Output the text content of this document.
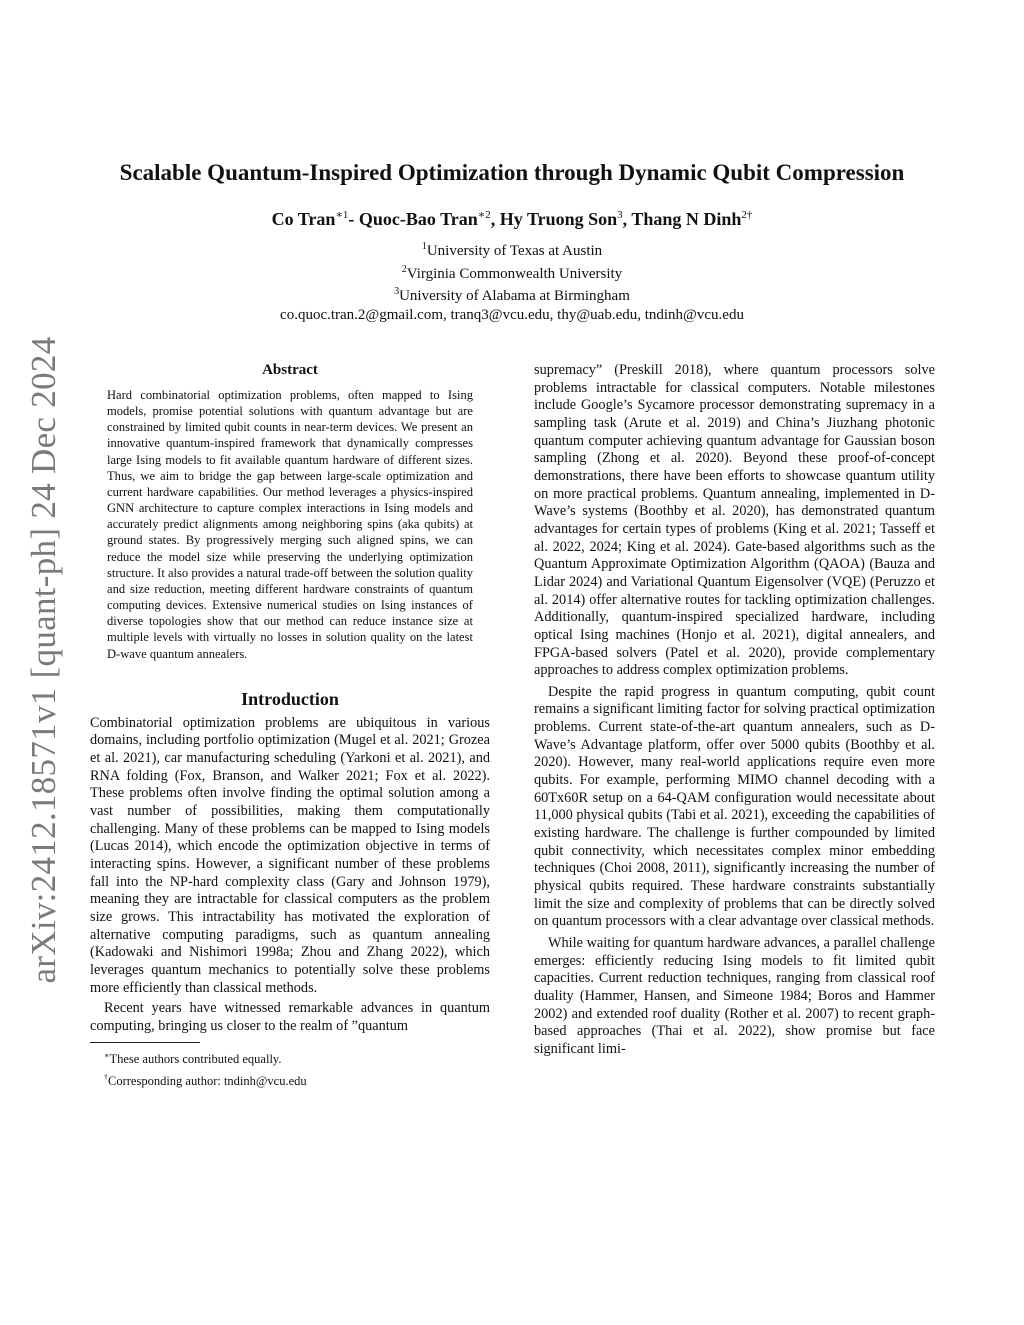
arXiv:2412.18571v1 [quant-ph] 24 Dec 2024
Scalable Quantum-Inspired Optimization through Dynamic Qubit Compression
Co Tran$^{∗1}$- Quoc-Bao Tran$^{∗2}$, Hy Truong Son$^3$, Thang N Dinh$^{2\dagger}$
$^1$University of Texas at Austin
$^2$Virginia Commonwealth University
$^3$University of Alabama at Birmingham
co.quoc.tran.2@gmail.com, tranq3@vcu.edu, thy@uab.edu, tndinh@vcu.edu
Abstract

Hard combinatorial optimization problems, often mapped to Ising models, promise potential solutions with quantum advantage but are constrained by limited qubit counts in near-term devices. We present an innovative quantum-inspired framework that dynamically compresses large Ising models to fit available quantum hardware of different sizes. Thus, we aim to bridge the gap between large-scale optimization and current hardware capabilities. Our method leverages a physics-inspired GNN architecture to capture complex interactions in Ising models and accurately predict alignments among neighboring spins (aka qubits) at ground states. By progressively merging such aligned spins, we can reduce the model size while preserving the underlying optimization structure. It also provides a natural trade-off between the solution quality and size reduction, meeting different hardware constraints of quantum computing devices. Extensive numerical studies on Ising instances of diverse topologies show that our method can reduce instance size at multiple levels with virtually no losses in solution quality on the latest D-wave quantum annealers.

Introduction

Combinatorial optimization problems are ubiquitous in various domains, including portfolio optimization (Mugel et al. 2021; Grozea et al. 2021), car manufacturing scheduling (Yarkoni et al. 2021), and RNA folding (Fox, Branson, and Walker 2021; Fox et al. 2022). These problems often involve finding the optimal solution among a vast number of possibilities, making them computationally challenging. Many of these problems can be mapped to Ising models (Lucas 2014), which encode the optimization objective in terms of interacting spins. However, a significant number of these problems fall into the NP-hard complexity class (Gary and Johnson 1979), meaning they are intractable for classical computers as the problem size grows. This intractability has motivated the exploration of alternative computing paradigms, such as quantum annealing (Kadowaki and Nishimori 1998a; Zhou and Zhang 2022), which leverages quantum mechanics to potentially solve these problems more efficiently than classical methods.

Recent years have witnessed remarkable advances in quantum computing, bringing us closer to the realm of ”quantum

∗These authors contributed equally.
†Corresponding author: tndinh@vcu.edu

supremacy” (Preskill 2018), where quantum processors solve problems intractable for classical computers. Notable milestones include Google’s Sycamore processor demonstrating supremacy in a sampling task (Arute et al. 2019) and China’s Jiuzhang photonic quantum computer achieving quantum advantage for Gaussian boson sampling (Zhong et al. 2020). Beyond these proof-of-concept demonstrations, there have been efforts to showcase quantum utility on more practical problems. Quantum annealing, implemented in D-Wave’s systems (Boothby et al. 2020), has demonstrated quantum advantages for certain types of problems (King et al. 2021; Tasseff et al. 2022, 2024; King et al. 2024). Gate-based algorithms such as the Quantum Approximate Optimization Algorithm (QAOA) (Bauza and Lidar 2024) and Variational Quantum Eigensolver (VQE) (Peruzzo et al. 2014) offer alternative routes for tackling optimization challenges. Additionally, quantum-inspired specialized hardware, including optical Ising machines (Honjo et al. 2021), digital annealers, and FPGA-based solvers (Patel et al. 2020), provide complementary approaches to address complex optimization problems.

Despite the rapid progress in quantum computing, qubit count remains a significant limiting factor for solving practical optimization problems. Current state-of-the-art quantum annealers, such as D-Wave’s Advantage platform, offer over 5000 qubits (Boothby et al. 2020). However, many real-world applications require even more qubits. For example, performing MIMO channel decoding with a 60Tx60R setup on a 64-QAM configuration would necessitate about 11,000 physical qubits (Tabi et al. 2021), exceeding the capabilities of existing hardware. The challenge is further compounded by limited qubit connectivity, which necessitates complex minor embedding techniques (Choi 2008, 2011), significantly increasing the number of physical qubits required. These hardware constraints substantially limit the size and complexity of problems that can be directly solved on quantum processors with a clear advantage over classical methods.

While waiting for quantum hardware advances, a parallel challenge emerges: efficiently reducing Ising models to fit limited qubit capacities. Current reduction techniques, ranging from classical roof duality (Hammer, Hansen, and Simeone 1984; Boros and Hammer 2002) and extended roof duality (Rother et al. 2007) to recent graph-based approaches (Thai et al. 2022), show promise but face significant limi-
